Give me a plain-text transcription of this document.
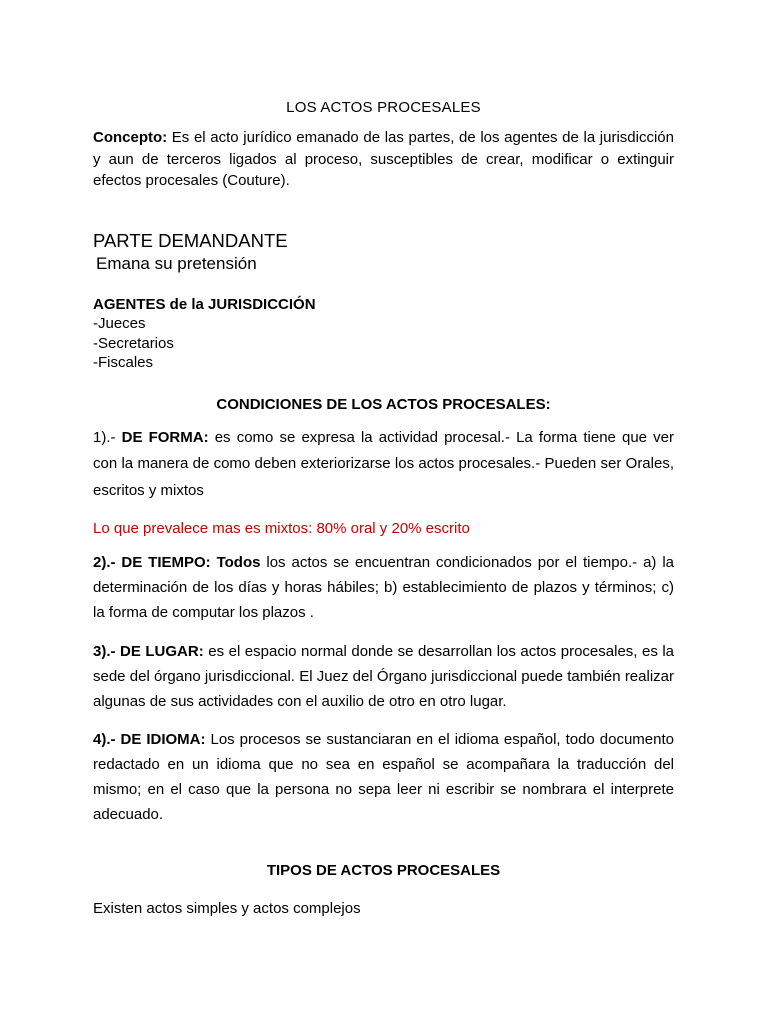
LOS ACTOS PROCESALES

Concepto: Es el acto jurídico emanado de las partes, de los agentes de la jurisdicción y aun de terceros ligados al proceso, susceptibles de crear, modificar o extinguir efectos procesales (Couture).

PARTE DEMANDANTE
Emana su pretensión
AGENTES de la JURISDICCIÓN
-Jueces
-Secretarios
-Fiscales
CONDICIONES DE LOS ACTOS PROCESALES:

1).- DE FORMA: es como se expresa la actividad procesal.- La forma tiene que ver con la manera de como deben exteriorizarse los actos procesales.- Pueden ser Orales, escritos y mixtos

Lo que prevalece mas es mixtos: 80% oral y 20% escrito

2).- DE TIEMPO: Todos los actos se encuentran condicionados por el tiempo.- a) la determinación de los días y horas hábiles; b) establecimiento de plazos y términos; c) la forma de computar los plazos .

3).- DE LUGAR: es el espacio normal donde se desarrollan los actos procesales, es la sede del órgano jurisdiccional. El Juez del Órgano jurisdiccional puede también realizar algunas de sus actividades con el auxilio de otro en otro lugar.

4).- DE IDIOMA: Los procesos se sustanciaran en el idioma español, todo documento redactado en un idioma que no sea en español se acompañara la traducción del mismo; en el caso que la persona no sepa leer ni escribir se nombrara el interprete adecuado.

TIPOS DE ACTOS PROCESALES
Existen actos simples y actos complejos
